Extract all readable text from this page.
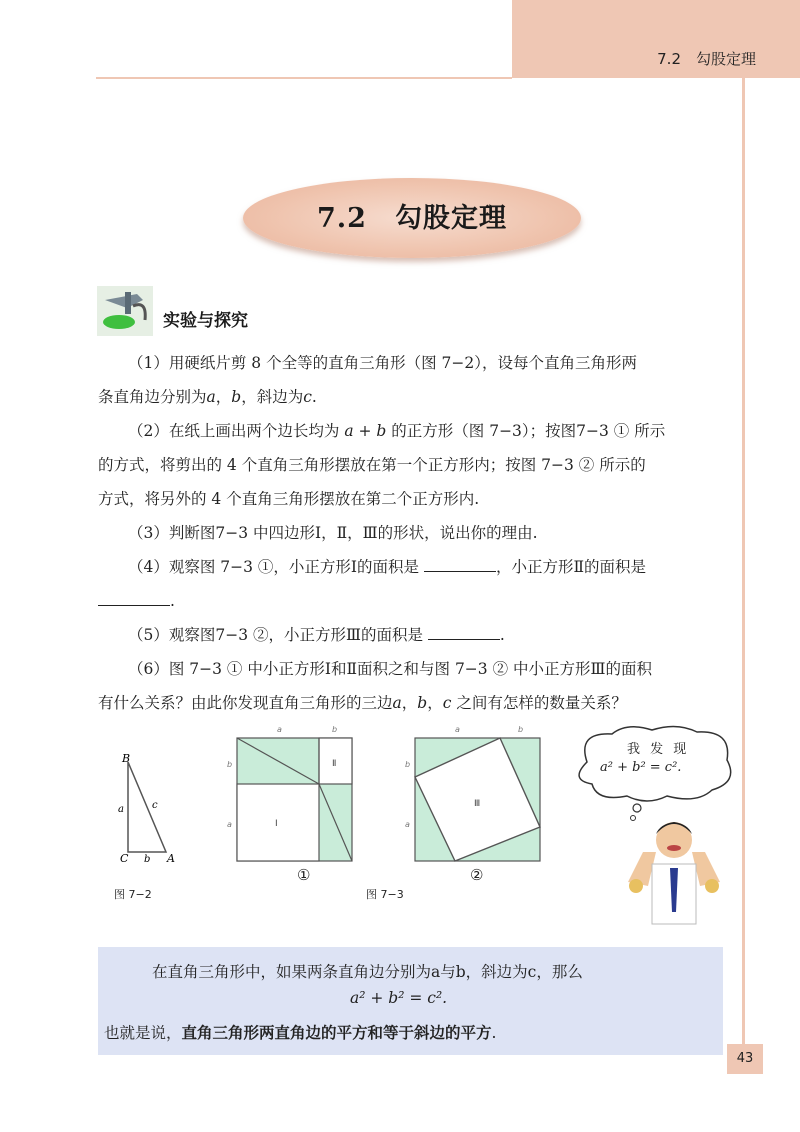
7.2　勾股定理
7.2　勾股定理
实验与探究

（1）用硬纸片剪 8 个全等的直角三角形（图 7−2），设每个直角三角形两

条直角边分别为a，b，斜边为c.

（2）在纸上画出两个边长均为 a + b 的正方形（图 7−3）；按图7−3 ① 所示

的方式，将剪出的 4 个直角三角形摆放在第一个正方形内；按图 7−3 ② 所示的

方式，将另外的 4 个直角三角形摆放在第二个正方形内.

（3）判断图7−3 中四边形Ⅰ，Ⅱ，Ⅲ的形状，说出你的理由.

（4）观察图 7−3 ①，小正方形Ⅰ的面积是	，小正方形Ⅱ的面积是

.

（5）观察图7−3 ②，小正方形Ⅲ的面积是	.

（6）图 7−3 ① 中小正方形Ⅰ和Ⅱ面积之和与图 7−3 ② 中小正方形Ⅲ的面积

有什么关系？由此你发现直角三角形的三边a，b，c 之间有怎样的数量关系？

B
C	A
a
b
c
图 7−2
a	b
b
a	Ⅰ
Ⅱ
①
a	b
b
a
Ⅲ
②
图 7−3
我 发 现
a² + b² = c².
在直角三角形中，如果两条直角边分别为a与b，斜边为c，那么
a² + b² = c².
也就是说，直角三角形两直角边的平方和等于斜边的平方.
43
